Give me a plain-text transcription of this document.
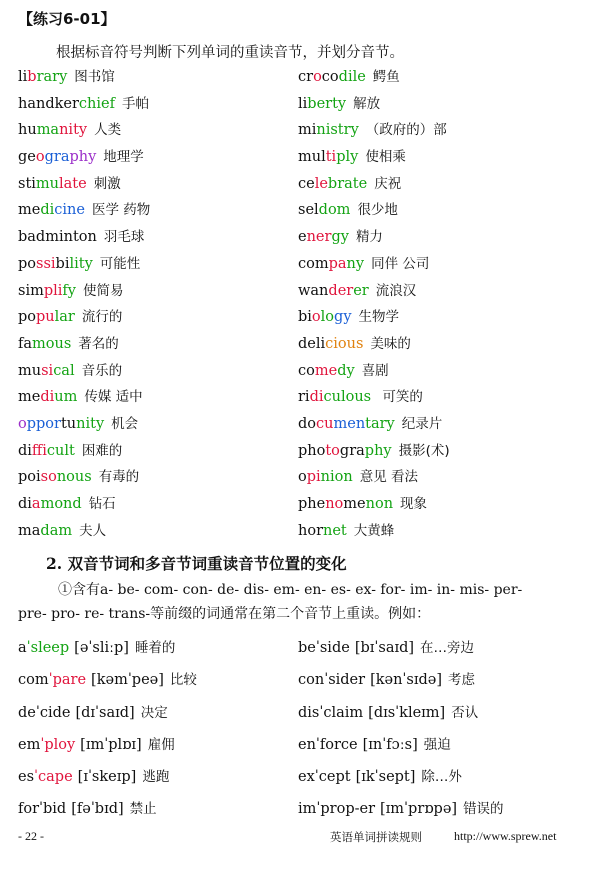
【练习6-01】
根据标音符号判断下列单词的重读音节，并划分音节。
library 图书馆	crocodile 鳄鱼
handkerchief 手帕	liberty 解放
humanity 人类	ministry （政府的）部
geography 地理学	multiply 使相乘
stimulate 刺激	celebrate 庆祝
medicine 医学 药物	seldom 很少地
badminton 羽毛球	energy 精力
possibility 可能性	company 同伴 公司
simplify 使简易	wanderer 流浪汉
popular 流行的	biology 生物学
famous 著名的	delicious 美味的
musical 音乐的	comedy 喜剧
medium 传媒 适中	ridiculous 可笑的
opportunity 机会	documentary 纪录片
difficult 困难的	photography 摄影(术)
poisonous 有毒的	opinion 意见 看法
diamond 钻石	phenomenon 现象
madam 夫人	hornet 大黄蜂
2. 双音节词和多音节词重读音节位置的变化
①含有a- be- com- con- de- dis- em- en- es- ex- for- im- in- mis- per-
pre- pro- re- trans-等前缀的词通常在第二个音节上重读。例如：
aˈsleep [əˈsliːp] 睡着的	beˈside [bɪˈsaɪd] 在…旁边
comˈpare [kəmˈpeə] 比较	conˈsider [kənˈsɪdə] 考虑
deˈcide [dɪˈsaɪd] 决定	disˈclaim [dɪsˈkleɪm] 否认
emˈploy [ɪmˈplɒɪ] 雇佣	enˈforce [ɪnˈfɔːs] 强迫
esˈcape [ɪˈskeɪp] 逃跑	exˈcept [ɪkˈsept] 除…外
forˈbid [fəˈbɪd] 禁止	imˈprop-er [ɪmˈprɒpə] 错误的
- 22 -	英语单词拼读规则	http://www.sprew.net
